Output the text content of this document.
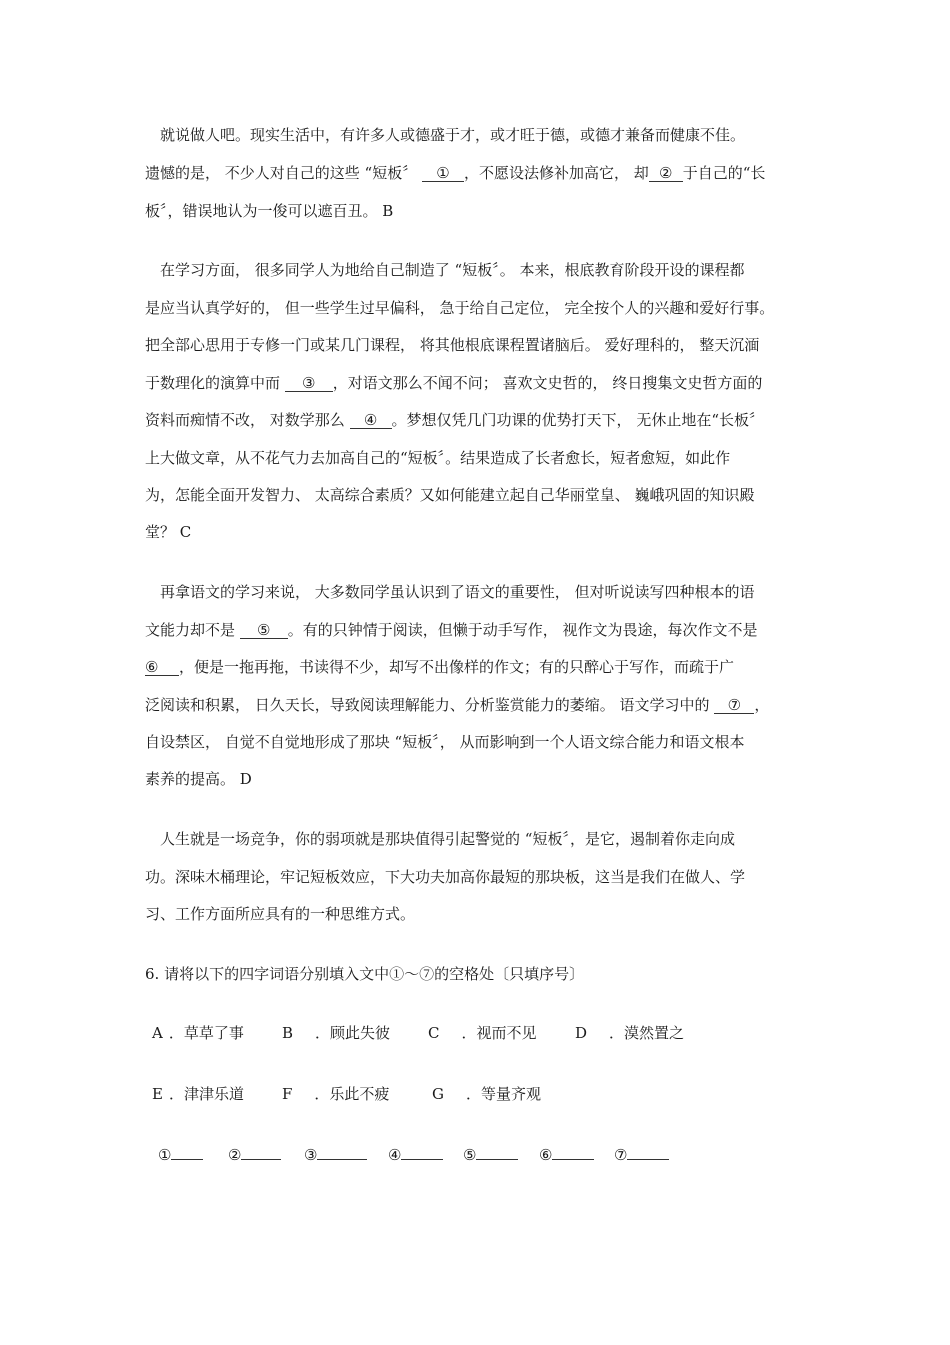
就说做人吧。现实生活中，有许多人或德盛于才，或才旺于德，或德才兼备而健康不佳。
遗憾的是， 不少人对自己的这些 “短板〞 ① ，不愿设法修补加高它， 却 ② 于自己的“长
板〞，错误地认为一俊可以遮百丑。 B
在学习方面， 很多同学人为地给自己制造了 “短板〞。 本来，根底教育阶段开设的课程都
是应当认真学好的， 但一些学生过早偏科， 急于给自己定位， 完全按个人的兴趣和爱好行事。
把全部心思用于专修一门或某几门课程， 将其他根底课程置诸脑后。 爱好理科的， 整天沉湎
于数理化的演算中而 ③ ，对语文那么不闻不问； 喜欢文史哲的， 终日搜集文史哲方面的
资料而痴情不改， 对数学那么 ④ 。梦想仅凭几门功课的优势打天下， 无休止地在“长板〞
上大做文章，从不花气力去加高自己的“短板〞。结果造成了长者愈长，短者愈短，如此作
为，怎能全面开发智力、 太高综合素质？又如何能建立起自己华丽堂皇、 巍峨巩固的知识殿
堂？ C
再拿语文的学习来说， 大多数同学虽认识到了语文的重要性， 但对听说读写四种根本的语
文能力却不是 ⑤ 。有的只钟情于阅读，但懒于动手写作， 视作文为畏途，每次作文不是
⑥ ，便是一拖再拖，书读得不少，却写不出像样的作文；有的只醉心于写作，而疏于广
泛阅读和积累， 日久天长，导致阅读理解能力、分析鉴赏能力的萎缩。 语文学习中的 ⑦ ，
自设禁区， 自觉不自觉地形成了那块 “短板〞， 从而影响到一个人语文综合能力和语文根本
素养的提高。 D
人生就是一场竞争，你的弱项就是那块值得引起警觉的 “短板〞，是它，遏制着你走向成
功。深味木桶理论，牢记短板效应，下大功夫加高你最短的那块板，这当是我们在做人、学
习、工作方面所应具有的一种思维方式。
6. 请将以下的四字词语分别填入文中①～⑦的空格处〔只填序号〕
A ．草草了事	B ．顾此失彼	C ．视而不见	D ．漠然置之
E ．津津乐道	F ．乐此不疲	G ．等量齐观
①	②	③	④	⑤	⑥	⑦
